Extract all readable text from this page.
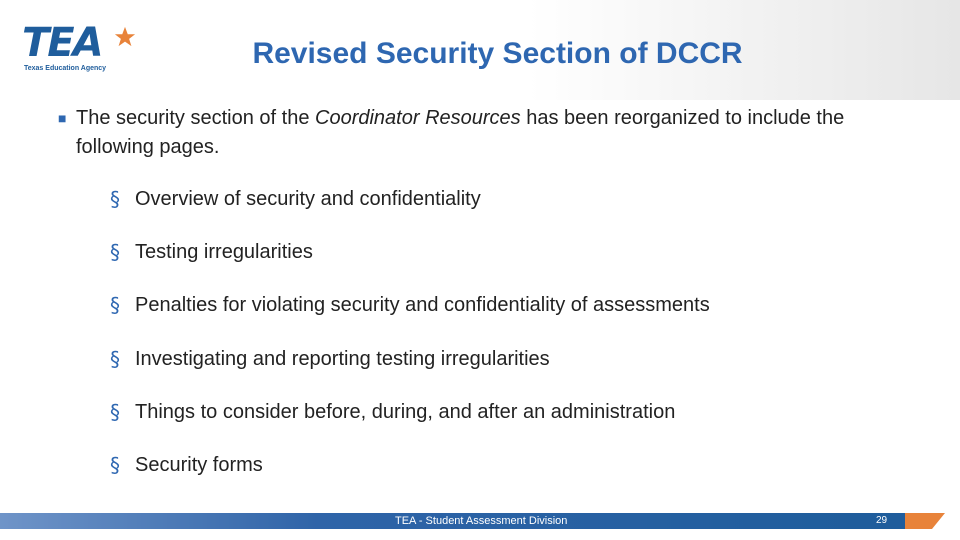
TEA
Texas Education Agency	Revised Security Section of DCCR
■ The security section of the Coordinator Resources has been reorganized to include the following pages.
§ Overview of security and confidentiality
§ Testing irregularities
§ Penalties for violating security and confidentiality of assessments
§ Investigating and reporting testing irregularities
§ Things to consider before, during, and after an administration
§ Security forms
TEA - Student Assessment Division	29
